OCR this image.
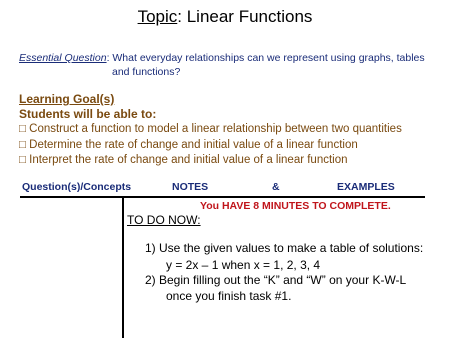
Topic: Linear Functions
Essential Question: What everyday relationships can we represent using graphs, tables
and functions?
Learning Goal(s)
Students will be able to:
□ Construct a function to model a linear relationship between two quantities
□ Determine the rate of change and initial value of a linear function
□ Interpret the rate of change and initial value of a linear function
Question(s)/Concepts	NOTES	&	EXAMPLES
You HAVE 8 MINUTES TO COMPLETE.
TO DO NOW:
1) Use the given values to make a table of solutions:
y = 2x – 1 when x = 1, 2, 3, 4
2) Begin filling out the “K” and “W” on your K-W-L
once you finish task #1.
